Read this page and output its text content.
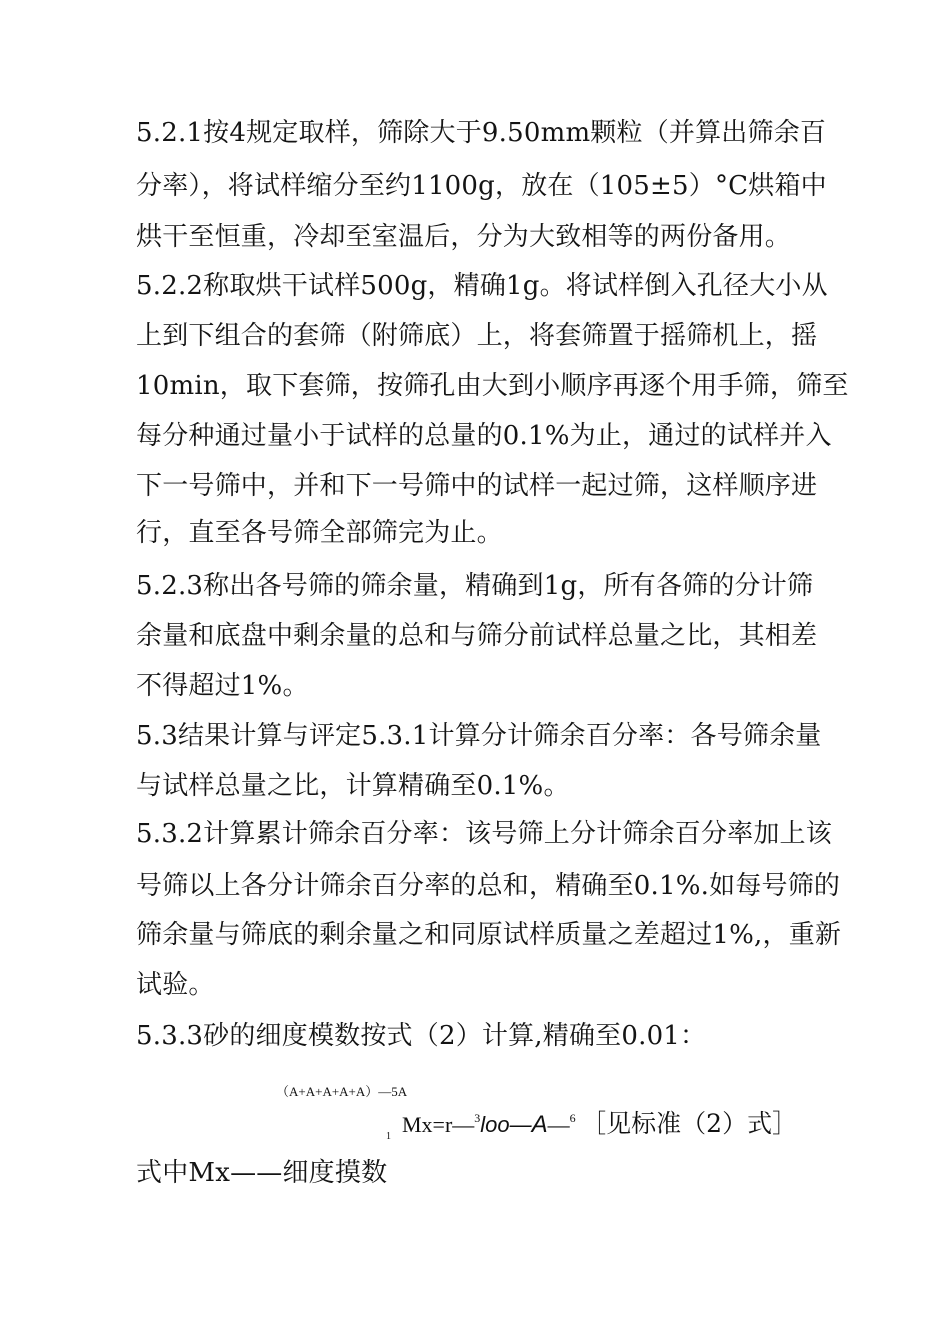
5.2.1按4规定取样，筛除大于9.50mm颗粒（并算出筛余百
分率），将试样缩分至约1100g，放在（105±5）°C烘箱中
烘干至恒重，冷却至室温后，分为大致相等的两份备用。
5.2.2称取烘干试样500g，精确1g。将试样倒入孔径大小从
上到下组合的套筛（附筛底）上，将套筛置于摇筛机上，摇
10min，取下套筛，按筛孔由大到小顺序再逐个用手筛，筛至
每分种通过量小于试样的总量的0.1%为止，通过的试样并入
下一号筛中，并和下一号筛中的试样一起过筛，这样顺序进
行，直至各号筛全部筛完为止。
5.2.3称出各号筛的筛余量，精确到1g，所有各筛的分计筛
余量和底盘中剩余量的总和与筛分前试样总量之比，其相差
不得超过1%。
5.3结果计算与评定5.3.1计算分计筛余百分率：各号筛余量
与试样总量之比，计算精确至0.1%。
5.3.2计算累计筛余百分率：该号筛上分计筛余百分率加上该
号筛以上各分计筛余百分率的总和，精确至0.1%.如每号筛的
筛余量与筛底的剩余量之和同原试样质量之差超过1%,，重新
试验。
5.3.3砂的细度模数按式（2）计算,精确至0.01：
（A+A+A+A+A）—5A
1 Mx=r—$^3$loo—A—$^6$ ［见标准（2）式］
式中Mx——细度摸数
